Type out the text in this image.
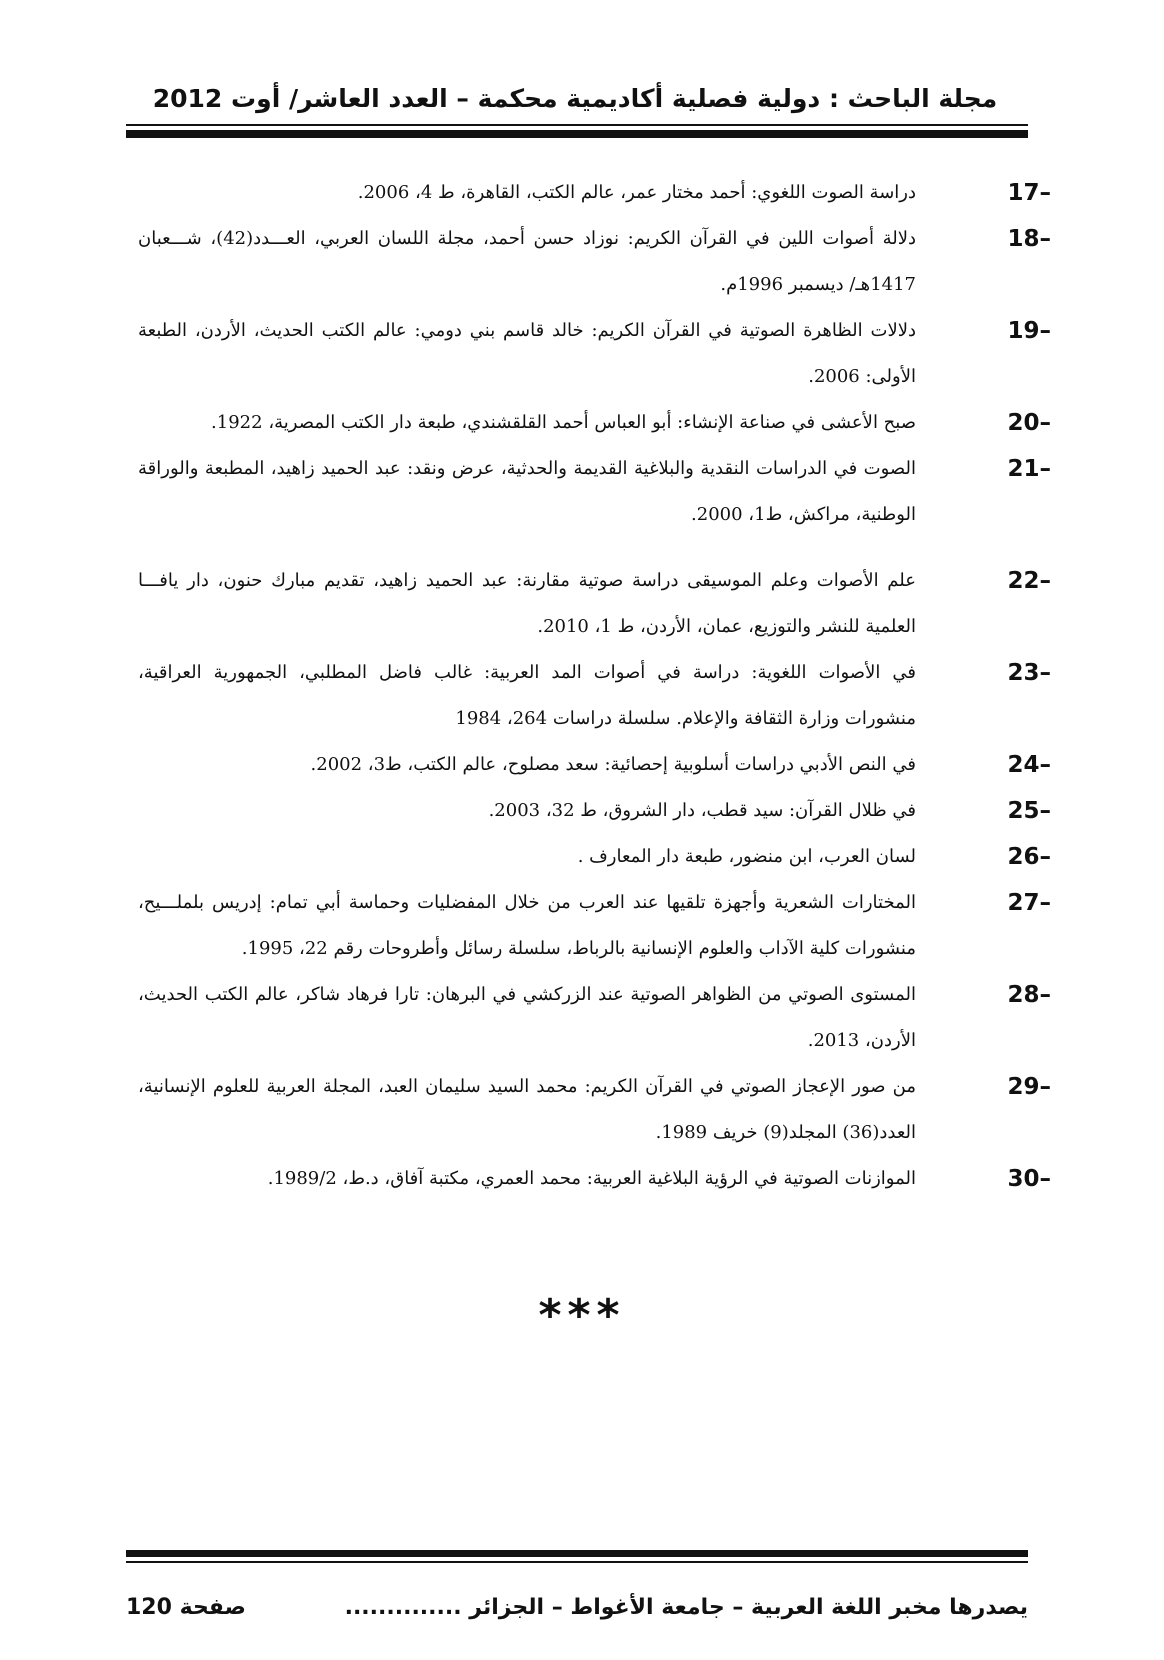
مجلة الباحث : دولية فصلية أكاديمية محكمة – العدد العاشر/ أوت 2012
17–
دراسة الصوت اللغوي: أحمد مختار عمر، عالم الكتب، القاهرة، ط 4، 2006.
18–
دلالة أصوات اللين في القرآن الكريم: نوزاد حسن أحمد، مجلة اللسان العربي، العـــدد(42)، شـــعبان 1417هـ/ ديسمبر 1996م.
19–
دلالات الظاهرة الصوتية في القرآن الكريم: خالد قاسم بني دومي: عالم الكتب الحديث، الأردن، الطبعة الأولى: 2006.
20–
صبح الأعشى في صناعة الإنشاء: أبو العباس أحمد القلقشندي، طبعة دار الكتب المصرية، 1922.
21–
الصوت في الدراسات النقدية والبلاغية القديمة والحدثية، عرض ونقد: عبد الحميد زاهيد، المطبعة والوراقة الوطنية، مراكش، ط1، 2000.
22–
علم الأصوات وعلم الموسيقى دراسة صوتية مقارنة: عبد الحميد زاهيد، تقديم مبارك حنون، دار يافـــا العلمية للنشر والتوزيع، عمان، الأردن، ط 1، 2010.
23–
في الأصوات اللغوية: دراسة في أصوات المد العربية: غالب فاضل المطلبي، الجمهورية العراقية، منشورات وزارة الثقافة والإعلام. سلسلة دراسات 264، 1984
24–
في النص الأدبي دراسات أسلوبية إحصائية: سعد مصلوح، عالم الكتب، ط3، 2002.
25–
في ظلال القرآن: سيد قطب، دار الشروق، ط 32، 2003.
26–
لسان العرب، ابن منضور، طبعة دار المعارف .
27–
المختارات الشعرية وأجهزة تلقيها عند العرب من خلال المفضليات وحماسة أبي تمام: إدريس بلملـــيح، منشورات كلية الآداب والعلوم الإنسانية بالرباط، سلسلة رسائل وأطروحات رقم 22، 1995.
28–
المستوى الصوتي من الظواهر الصوتية عند الزركشي في البرهان: تارا فرهاد شاكر، عالم الكتب الحديث، الأردن، 2013.
29–
من صور الإعجاز الصوتي في القرآن الكريم: محمد السيد سليمان العبد، المجلة العربية للعلوم الإنسانية، العدد(36) المجلد(9) خريف 1989.
30–
الموازنات الصوتية في الرؤية البلاغية العربية: محمد العمري، مكتبة آفاق، د.ط، 1989/2.
***
يصدرها مخبر اللغة العربية – جامعة الأغواط – الجزائر ..............
صفحة 120
